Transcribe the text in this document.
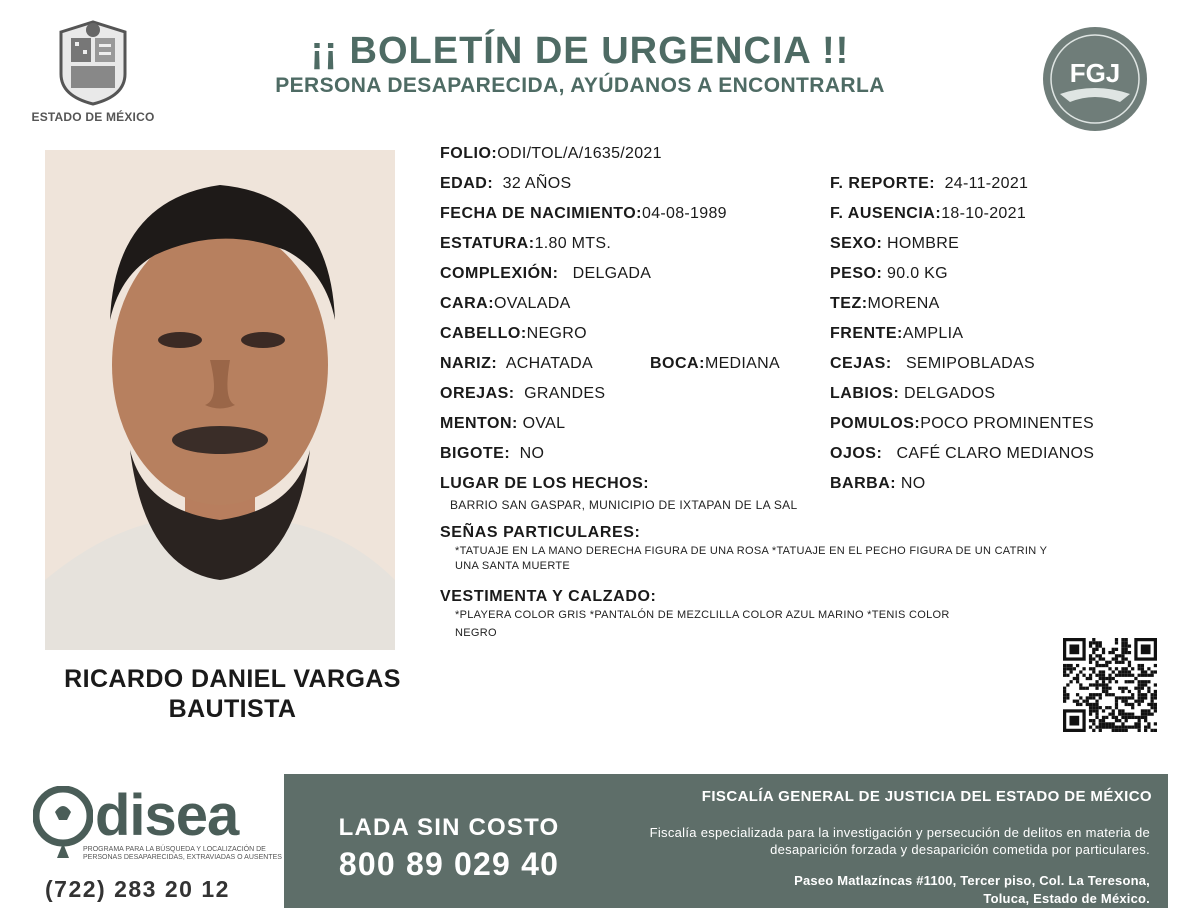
ESTADO DE MÉXICO
¡¡ BOLETÍN DE URGENCIA !!
PERSONA DESAPARECIDA, AYÚDANOS A ENCONTRARLA	FGJ
RICARDO DANIEL VARGAS
BAUTISTA
FOLIO:ODI/TOL/A/1635/2021
EDAD: 32 AÑOS
FECHA DE NACIMIENTO:04-08-1989
ESTATURA:1.80 MTS.
COMPLEXIÓN: DELGADA
CARA:OVALADA
CABELLO:NEGRO
NARIZ: ACHATADA	BOCA:MEDIANA
OREJAS: GRANDES
MENTON: OVAL
BIGOTE: NO
LUGAR DE LOS HECHOS:
BARRIO SAN GASPAR, MUNICIPIO DE IXTAPAN DE LA SAL
F. REPORTE: 24-11-2021
F. AUSENCIA:18-10-2021
SEXO: HOMBRE
PESO: 90.0 KG
TEZ:MORENA
FRENTE:AMPLIA
CEJAS: SEMIPOBLADAS
LABIOS: DELGADOS
POMULOS:POCO PROMINENTES
OJOS: CAFÉ CLARO MEDIANOS
BARBA: NO
SEÑAS PARTICULARES:
*TATUAJE EN LA MANO DERECHA FIGURA DE UNA ROSA *TATUAJE EN EL PECHO FIGURA DE UN CATRIN Y
UNA SANTA MUERTE
VESTIMENTA Y CALZADO:
*PLAYERA COLOR GRIS *PANTALÓN DE MEZCLILLA COLOR AZUL MARINO *TENIS COLOR
NEGRO
disea
PROGRAMA PARA LA BÚSQUEDA Y LOCALIZACIÓN DE PERSONAS DESAPARECIDAS, EXTRAVIADAS O AUSENTES
(722) 283 20 12
LADA SIN COSTO
800 89 029 40
FISCALÍA GENERAL DE JUSTICIA DEL ESTADO DE MÉXICO
Fiscalía especializada para la investigación y persecución de delitos en materia de desaparición forzada y desaparición cometida por particulares.
Paseo Matlazíncas #1100, Tercer piso, Col. La Teresona,
Toluca, Estado de México.
